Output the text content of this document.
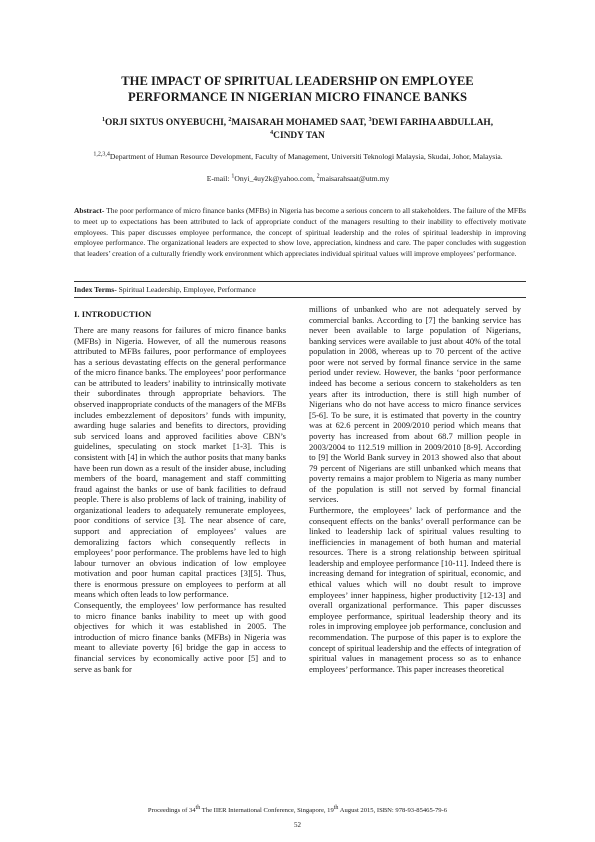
THE IMPACT OF SPIRITUAL LEADERSHIP ON EMPLOYEE
PERFORMANCE IN NIGERIAN MICRO FINANCE BANKS

$^1$ORJI SIXTUS ONYEBUCHI, $^2$MAISARAH MOHAMED SAAT, $^3$DEWI FARIHA ABDULLAH,
$^4$CINDY TAN

$^{1,2,3,4}$Department of Human Resource Development, Faculty of Management, Universiti Teknologi Malaysia, Skudai, Johor, Malaysia.

E-mail: $^1$Onyi_4uy2k@yahoo.com, $^2$maisarahsaat@utm.my

Abstract- The poor performance of micro finance banks (MFBs) in Nigeria has become a serious concern to all stakeholders. The failure of the MFBs to meet up to expectations has been attributed to lack of appropriate conduct of the managers resulting to their inability to effectively motivate employees. This paper discusses employee performance, the concept of spiritual leadership and the roles of spiritual leadership in improving employee performance. The organizational leaders are expected to show love, appreciation, kindness and care. The paper concludes with suggestion that leaders’ creation of a culturally friendly work environment which appreciates individual spiritual values will improve employees’ performance.

Index Terms- Spiritual Leadership, Employee, Performance

I. INTRODUCTION

There are many reasons for failures of micro finance banks (MFBs) in Nigeria. However, of all the numerous reasons attributed to MFBs failures, poor performance of employees has a serious devastating effects on the general performance of the micro finance banks. The employees’ poor performance can be attributed to leaders’ inability to intrinsically motivate their subordinates through appropriate behaviors. The observed inappropriate conducts of the managers of the MFBs includes embezzlement of depositors’ funds with impunity, awarding huge salaries and benefits to directors, providing sub serviced loans and approved facilities above CBN’s guidelines, speculating on stock market [1-3]. This is consistent with [4] in which the author posits that many banks have been run down as a result of the insider abuse, including members of the board, management and staff committing fraud against the banks or use of bank facilities to defraud people. There is also problems of lack of training, inability of organizational leaders to adequately remunerate employees, poor conditions of service [3]. The near absence of care, support and appreciation of employees’ values are demoralizing factors which consequently reflects in employees’ poor performance. The problems have led to high labour turnover an obvious indication of low employee motivation and poor human capital practices [3][5]. Thus, there is enormous pressure on employees to perform at all means which often leads to low performance.

Consequently, the employees’ low performance has resulted to micro finance banks inability to meet up with good objectives for which it was established in 2005. The introduction of micro finance banks (MFBs) in Nigeria was meant to alleviate poverty [6] bridge the gap in access to financial services by economically active poor [5] and to serve as bank for

millions of unbanked who are not adequately served by commercial banks. According to [7] the banking service has never been available to large population of Nigerians, banking services were available to just about 40% of the total population in 2008, whereas up to 70 percent of the active poor were not served by formal finance service in the same period under review. However, the banks ‘poor performance indeed has become a serious concern to stakeholders as ten years after its introduction, there is still high number of Nigerians who do not have access to micro finance services [5-6]. To be sure, it is estimated that poverty in the country was at 62.6 percent in 2009/2010 period which means that poverty has increased from about 68.7 million people in 2003/2004 to 112.519 million in 2009/2010 [8-9]. According to [9] the World Bank survey in 2013 showed also that about 79 percent of Nigerians are still unbanked which means that poverty remains a major problem to Nigeria as many number of the population is still not served by formal financial services.

Furthermore, the employees’ lack of performance and the consequent effects on the banks’ overall performance can be linked to leadership lack of spiritual values resulting to inefficiencies in management of both human and material resources. There is a strong relationship between spiritual leadership and employee performance [10-11]. Indeed there is increasing demand for integration of spiritual, economic, and ethical values which will no doubt result to improve employees’ inner happiness, higher productivity [12-13] and overall organizational performance. This paper discusses employee performance, spiritual leadership theory and its roles in improving employee job performance, conclusion and recommendation. The purpose of this paper is to explore the concept of spiritual leadership and the effects of integration of spiritual values in management process so as to enhance employees’ performance. This paper increases theoretical

Proceedings of 34th The IIER International Conference, Singapore, 19th August 2015, ISBN: 978-93-85465-79-6

52
